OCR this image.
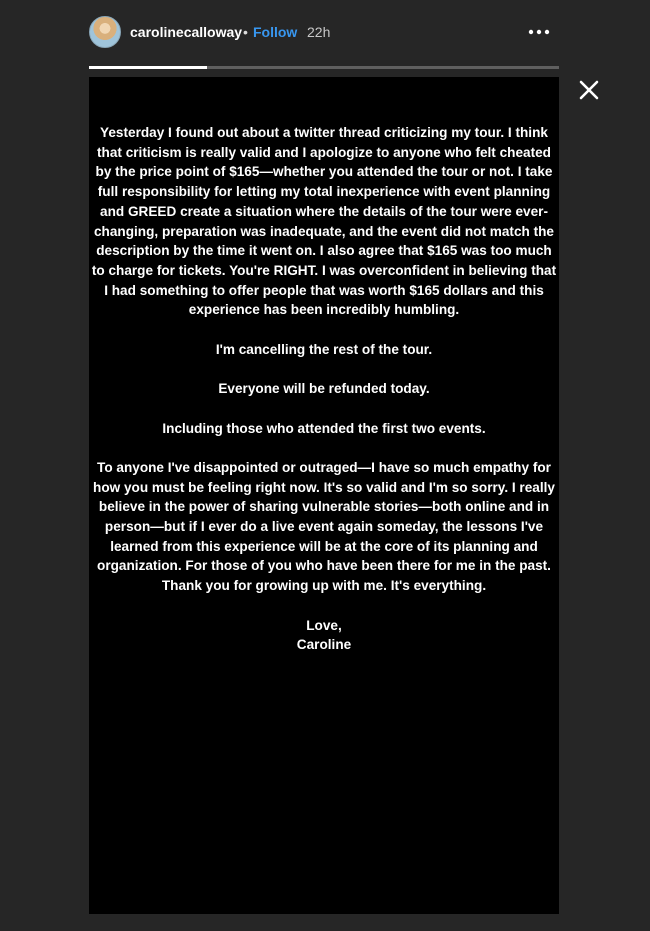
carolinecalloway • Follow 22h
Yesterday I found out about a twitter thread criticizing my tour. I think that criticism is really valid and I apologize to anyone who felt cheated by the price point of $165—whether you attended the tour or not. I take full responsibility for letting my total inexperience with event planning and GREED create a situation where the details of the tour were ever-changing, preparation was inadequate, and the event did not match the description by the time it went on. I also agree that $165 was too much to charge for tickets. You're RIGHT. I was overconfident in believing that I had something to offer people that was worth $165 dollars and this experience has been incredibly humbling.
I'm cancelling the rest of the tour.
Everyone will be refunded today.
Including those who attended the first two events.
To anyone I've disappointed or outraged—I have so much empathy for how you must be feeling right now. It's so valid and I'm so sorry. I really believe in the power of sharing vulnerable stories—both online and in person—but if I ever do a live event again someday, the lessons I've learned from this experience will be at the core of its planning and organization. For those of you who have been there for me in the past. Thank you for growing up with me. It's everything.
Love,
Caroline
